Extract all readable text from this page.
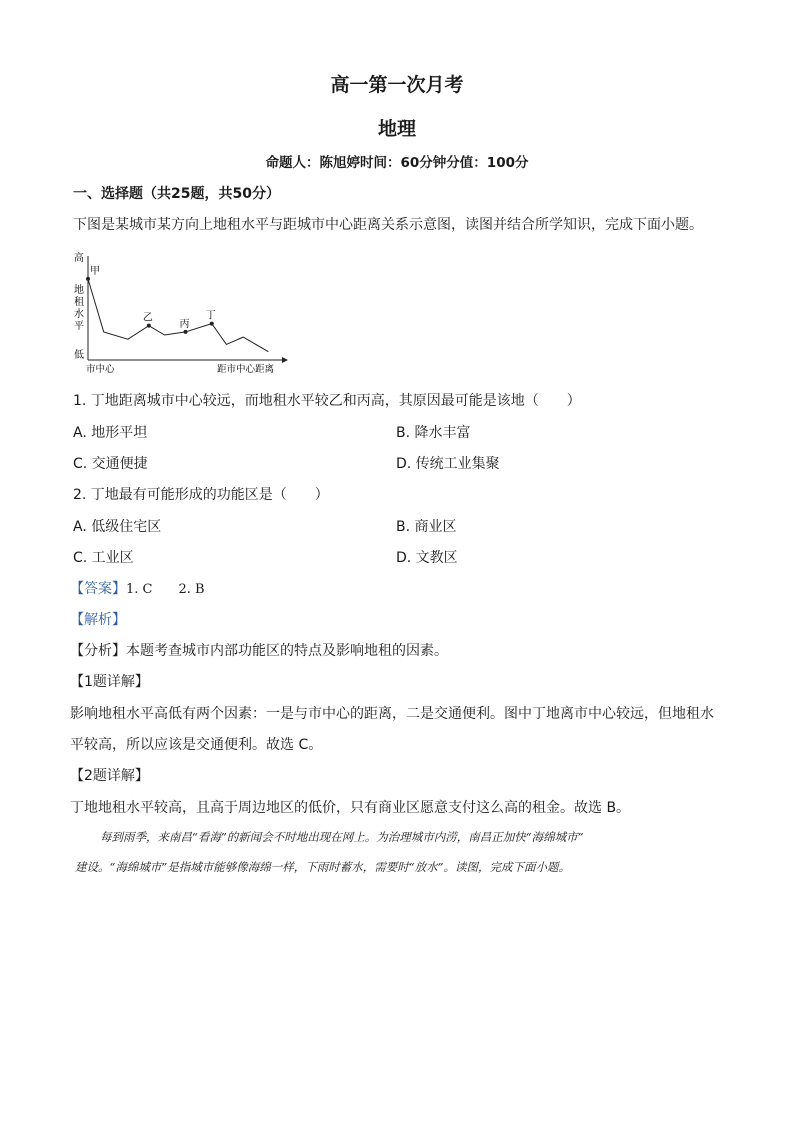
高一第一次月考
地理
命题人：陈旭婷时间：60分钟分值：100分
一、选择题（共25题，共50分）
下图是某城市某方向上地租水平与距城市中心距离关系示意图，读图并结合所学知识，完成下面小题。
高
地
租
水
平
低
市中心	距市中心距离
甲
乙
丙
丁
1. 丁地距离城市中心较远，而地租水平较乙和丙高，其原因最可能是该地（　　）
A. 地形平坦	B. 降水丰富
C. 交通便捷	D. 传统工业集聚
2. 丁地最有可能形成的功能区是（　　）
A. 低级住宅区	B. 商业区
C. 工业区	D. 文教区
【答案】1. C　　2. B
【解析】
【分析】本题考查城市内部功能区的特点及影响地租的因素。
【1题详解】
影响地租水平高低有两个因素：一是与市中心的距离，二是交通便利。图中丁地离市中心较远，但地租水
平较高，所以应该是交通便利。故选 C。
【2题详解】
丁地地租水平较高，且高于周边地区的低价，只有商业区愿意支付这么高的租金。故选 B。
每到雨季，来南昌“看海”的新闻会不时地出现在网上。为治理城市内涝，南昌正加快“海绵城市”
建设。“海绵城市”是指城市能够像海绵一样，下雨时蓄水，需要时“放水”。读图，完成下面小题。
